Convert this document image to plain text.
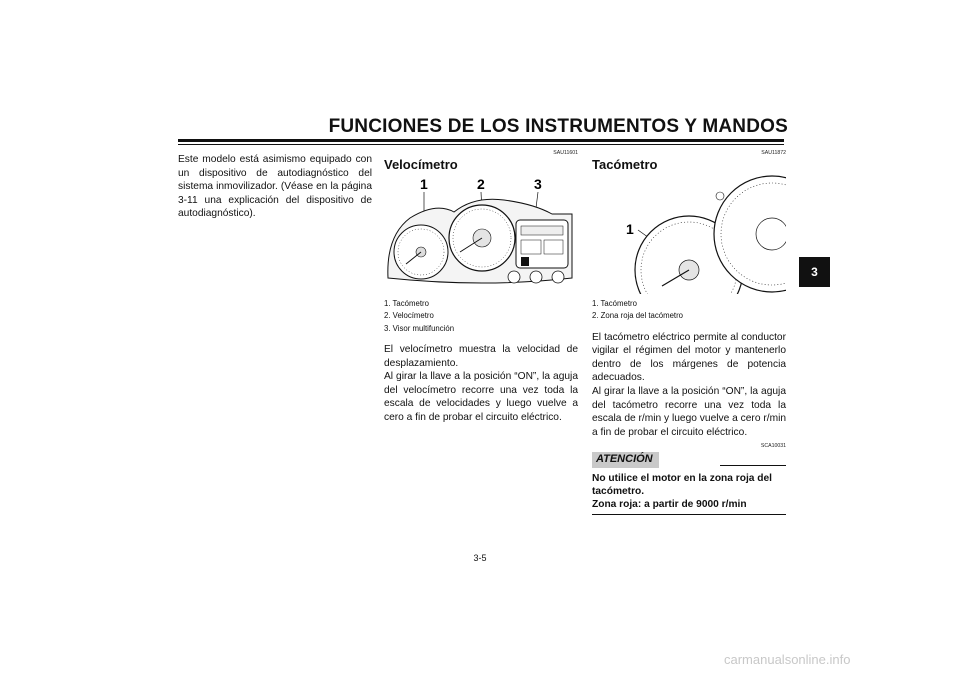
FUNCIONES DE LOS INSTRUMENTOS Y MANDOS
Este modelo está asimismo equipado con un dispositivo de autodiagnóstico del sistema inmovilizador. (Véase en la página 3-11 una explicación del dispositivo de autodiagnóstico).
SAU11601
Velocímetro
1	2	3
1. Tacómetro
2. Velocímetro
3. Visor multifunción
El velocímetro muestra la velocidad de desplazamiento.
Al girar la llave a la posición “ON”, la aguja del velocímetro recorre una vez toda la escala de velocidades y luego vuelve a cero a fin de probar el circuito eléctrico.
SAU11872
Tacómetro
1
1. Tacómetro
2. Zona roja del tacómetro
El tacómetro eléctrico permite al conductor vigilar el régimen del motor y mantenerlo dentro de los márgenes de potencia adecuados.
Al girar la llave a la posición “ON”, la aguja del tacómetro recorre una vez toda la escala de r/min y luego vuelve a cero r/min a fin de probar el circuito eléctrico.
SCA10031
ATENCIÓN
No utilice el motor en la zona roja del tacómetro.
Zona roja: a partir de 9000 r/min
3
3-5
carmanualsonline.info
